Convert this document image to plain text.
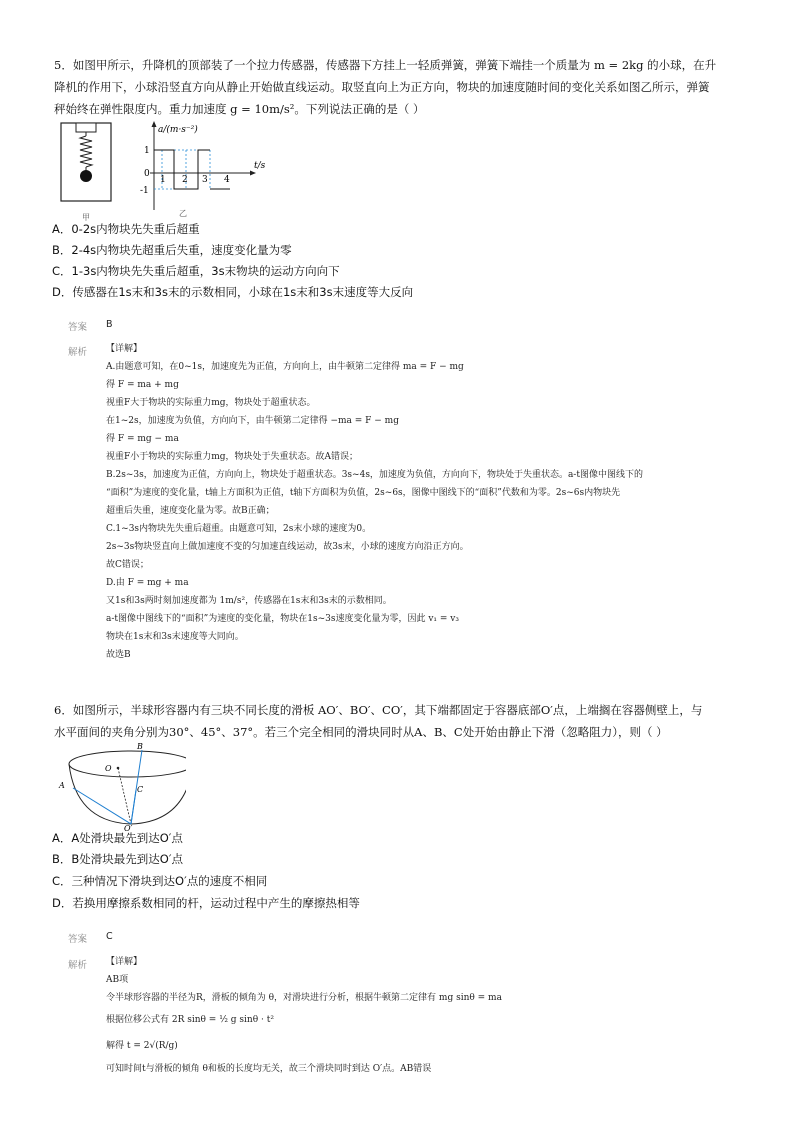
5．如图甲所示，升降机的顶部装了一个拉力传感器，传感器下方挂上一轻质弹簧，弹簧下端挂一个质量为 m = 2kg 的小球，在升
降机的作用下，小球沿竖直方向从静止开始做直线运动。取竖直向上为正方向，物块的加速度随时间的变化关系如图乙所示，弹簧
秤始终在弹性限度内。重力加速度 g = 10m/s²。下列说法正确的是（ ）
甲
1
0
-1
1 2 3 4
a/(m·s⁻²)
t/s
乙
A．0-2s内物块先失重后超重
B．2-4s内物块先超重后失重，速度变化量为零
C．1-3s内物块先失重后超重，3s末物块的运动方向向下
D．传感器在1s末和3s末的示数相同，小球在1s末和3s末速度等大反向
答案 B
解析 【详解】
A.由题意可知，在0~1s，加速度先为正值，方向向上，由牛顿第二定律得 ma = F − mg
得 F = ma + mg
视重F大于物块的实际重力mg，物块处于超重状态。
在1~2s，加速度为负值，方向向下，由牛顿第二定律得 −ma = F − mg
得 F = mg − ma
视重F小于物块的实际重力mg，物块处于失重状态。故A错误；
B.2s~3s，加速度为正值，方向向上，物块处于超重状态。3s~4s，加速度为负值，方向向下，物块处于失重状态。a-t图像中图线下的
“面积”为速度的变化量，t轴上方面积为正值，t轴下方面积为负值，2s~6s，图像中图线下的“面积”代数和为零。2s~6s内物块先
超重后失重，速度变化量为零。故B正确；
C.1~3s内物块先失重后超重。由题意可知，2s末小球的速度为0。
2s~3s物块竖直向上做加速度不变的匀加速直线运动，故3s末，小球的速度方向沿正方向。
故C错误；
D.由 F = mg + ma
又1s和3s两时刻加速度都为 1m/s²，传感器在1s末和3s末的示数相同。
a-t图像中图线下的“面积”为速度的变化量，物块在1s~3s速度变化量为零，因此 v₁ = v₃
物块在1s末和3s末速度等大同向。
故选B
6．如图所示，半球形容器内有三块不同长度的滑板 AO′、BO′、CO′，其下端都固定于容器底部O′点，上端搁在容器侧壁上，与
水平面间的夹角分别为30°、45°、37°。若三个完全相同的滑块同时从A、B、C处开始由静止下滑（忽略阻力），则（ ）
B
O
A	C
O′
A．A处滑块最先到达O′点
B．B处滑块最先到达O′点
C．三种情况下滑块到达O′点的速度不相同
D．若换用摩擦系数相同的杆，运动过程中产生的摩擦热相等
答案 C
解析 【详解】
AB项
令半球形容器的半径为R，滑板的倾角为 θ，对滑块进行分析，根据牛顿第二定律有 mg sinθ = ma
根据位移公式有 2R sinθ = ½ g sinθ · t²
解得 t = 2√(R/g)
可知时间t与滑板的倾角 θ和板的长度均无关，故三个滑块同时到达 O′点。AB错误
